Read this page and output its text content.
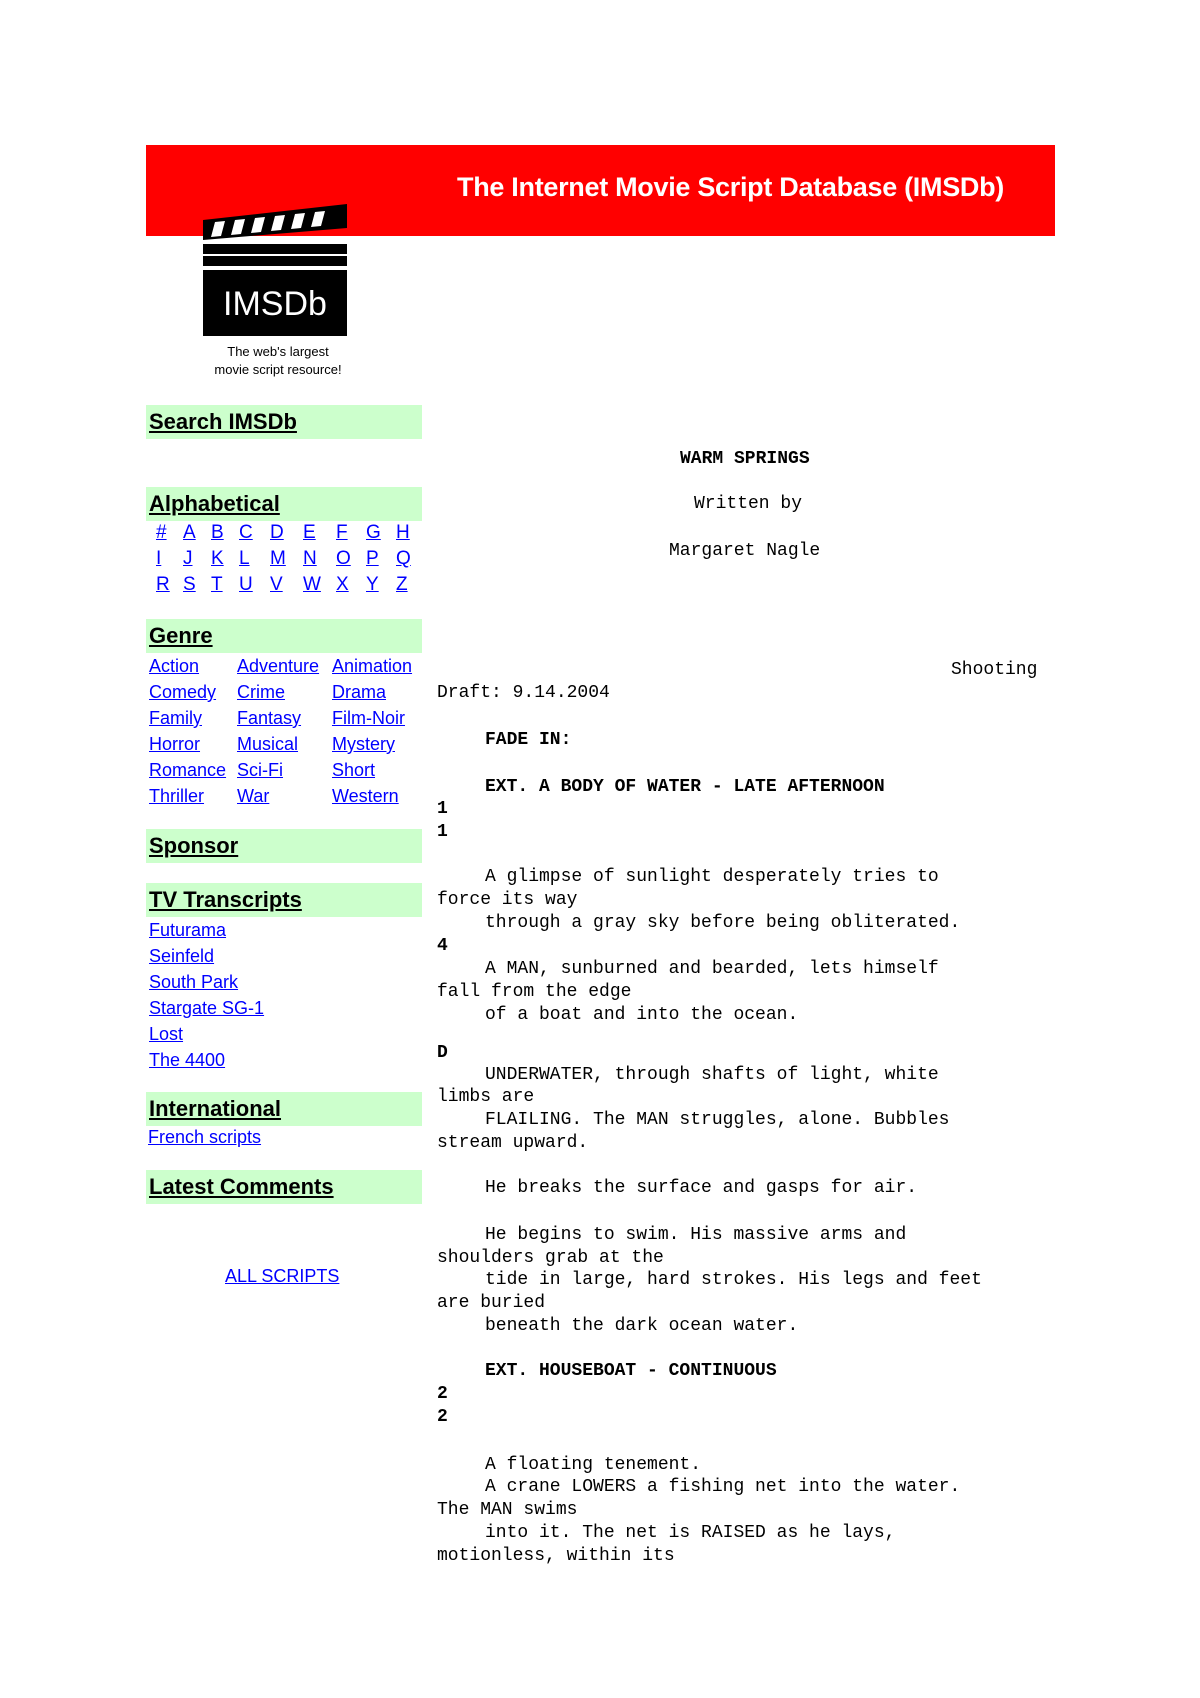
The Internet Movie Script Database (IMSDb)
IMSDb
The web's largest
movie script resource!
Search IMSDb
Alphabetical
# A B C D E F G H
I J K L M N O P Q
R S T U V W X Y Z
Genre
Action Adventure Animation
Comedy Crime	Drama
Family Fantasy Film-Noir
Horror Musical Mystery
Romance Sci-Fi	Short
Thriller War	Western
Sponsor
TV Transcripts
Futurama
Seinfeld
South Park
Stargate SG-1
Lost
The 4400
International
French scripts
Latest Comments
ALL SCRIPTS
WARM SPRINGS
Written by
Margaret Nagle
Shooting
Draft: 9.14.2004
FADE IN:
EXT. A BODY OF WATER - LATE AFTERNOON
1
1
A glimpse of sunlight desperately tries to
force its way
through a gray sky before being obliterated.
4
A MAN, sunburned and bearded, lets himself
fall from the edge
of a boat and into the ocean.
D
UNDERWATER, through shafts of light, white
limbs are
FLAILING. The MAN struggles, alone. Bubbles
stream upward.
He breaks the surface and gasps for air.
He begins to swim. His massive arms and
shoulders grab at the
tide in large, hard strokes. His legs and feet
are buried
beneath the dark ocean water.
EXT. HOUSEBOAT - CONTINUOUS
2
2
A floating tenement.
A crane LOWERS a fishing net into the water.
The MAN swims
into it. The net is RAISED as he lays,
motionless, within its
